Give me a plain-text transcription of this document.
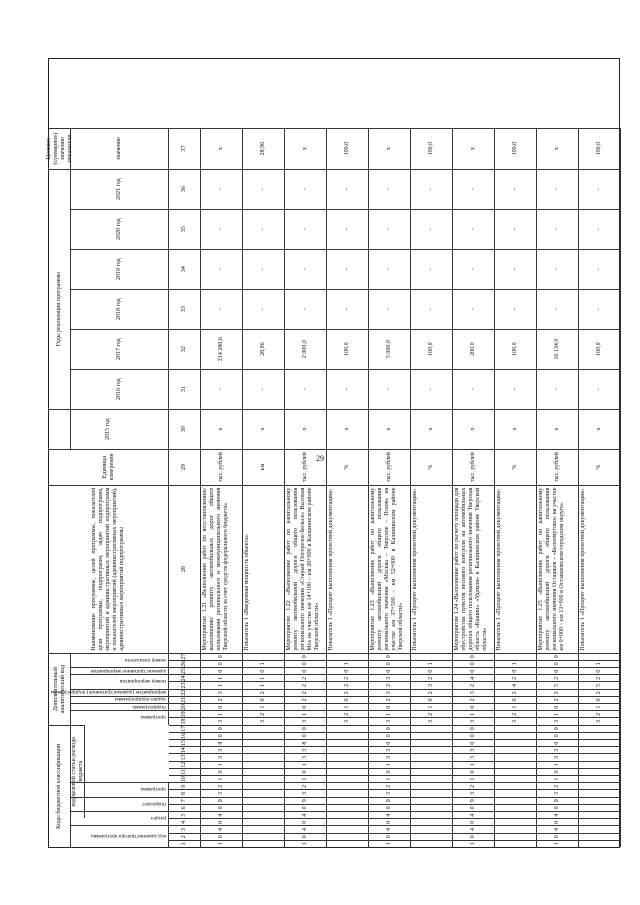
29
Коды бюджетной классификации
Дополнительный аналитический код
Наименование программы, целей программы, показателей цели программы, подпрограмм, задач подпрограмм, мероприятий и административных мероприятий подпрограмм и показателей мероприятий (административных мероприятий), административных мероприятий подпрограммы
Единица измерения
Годы реализации программы
Целевое (суммарное) значение показателя
код целевой статьи расхода бюджета
код администратора программы
раздел
подраздел
программа
программа
подпрограмма
задача подпрограммы
мероприятие (административное) подпрограммы
номер мероприятия
административное мероприятие
номер показателя
2015 год
2016 год
2017 год
2018 год
2019 год
2020 год
2021 год
значение
1
2
3
4
5
6
7
8
9
10
11
12
13
14
15
16
17
18
19
20
21
22
23
24
25
26
27
28
29
30
31
32
33
34
35
36
37
1
0
4
0
4
0
9
3
2
1
0
1
3
3
8
0
0
3
1
0
2
3
1
1
0
0
0
Мероприятие 1.21 «Выполнение работ по восстановлению/ выполнению/ ремонту автомобильных дорог общего пользования регионального и межмуниципального значения Тверской области за счет средств федерального бюджета»
тыс. рублей
х
-
214 280,6
-
-
-
-
х
3
2
1
0
2
1
1
0
1
Показатель 1 «Введенная мощность объекта»
км
х
-
28,96
-
-
-
-
28,96
1
0
4
0
4
0
9
3
2
1
0
1
3
3
8
0
0
3
1
0
2
2
2
2
0
0
0
Мероприятие 1.22 «Выполнение работ по капитальному ремонту автомобильной дороги общего пользования регионального значения «Старый Погорелое-Бельск» Высокая Мга на участке км 14+100 – км 20+000 в Калининском районе Тверской области»
тыс. рублей
х
-
2 000,0
-
-
-
-
х
3
2
1
0
2
2
2
0
1
Показатель 1 «Процент выполнения проектной документации»
%
х
-
100,0
-
-
-
-
100,0
1
0
4
0
4
0
9
3
2
1
0
1
3
3
0
0
0
3
1
0
2
3
2
3
0
0
0
Мероприятие 1.23 «Выполнение работ по капитальному ремонту автомобильной дороги общего пользования регионального значения «Москва – Тверское – Псков» на участке км 37+500 – км 52+000 в Калининском районе Тверской области»
тыс. рублей
х
-
5 000,0
-
-
-
-
х
3
2
1
0
2
3
2
0
1
Показатель 1 «Процент выполнения проектной документации»
%
х
-
100,0
-
-
-
-
100,0
1
0
4
0
4
0
9
3
2
1
0
1
3
3
0
0
0
3
1
0
2
3
2
4
0
0
0
Мероприятие 1.24 «Выполнение работ по расчету площади для обустройства пунктов весового контроля на автомобильных дорогах общего пользования регионального значения Тверская область «Кашин» «Удомля» в Калининском районе Тверской области»
тыс. рублей
х
-
200,0
-
-
-
-
х
3
2
1
0
2
4
2
0
1
Показатель 1 «Процент выполнения проектной документации»
%
х
-
100,0
-
-
-
-
100,0
1
0
4
0
4
0
9
3
2
1
0
1
3
3
0
0
0
3
1
0
2
2
5
2
0
0
0
Мероприятие 1.25 «Выполнение работ по капитальному ремонту автомобильной дороги общего пользования регионального значения Осташков – «Белоомутово» на участке км 0+000 – км 13+000 в Осташковском городском округе»
тыс. рублей
х
-
16 134,0
-
-
-
-
х
3
2
1
0
2
5
2
0
1
Показатель 1 «Процент выполнения проектной документации»
%
х
-
100,0
-
-
-
-
100,0
